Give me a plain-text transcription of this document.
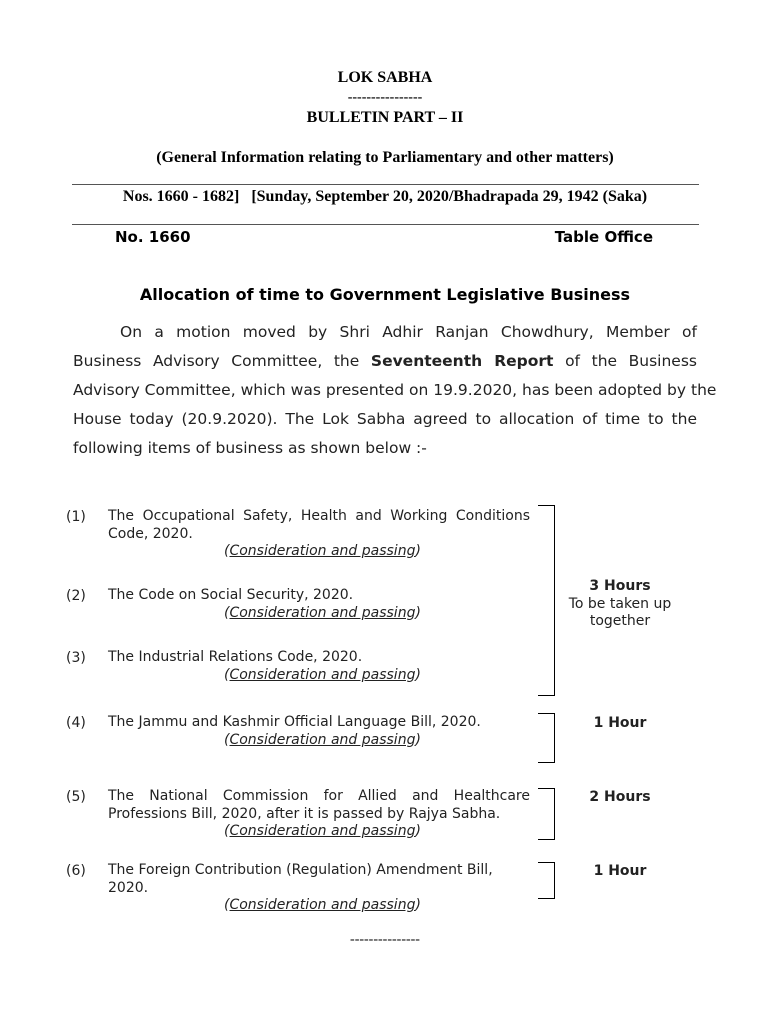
LOK SABHA
----------------
BULLETIN PART – II
(General Information relating to Parliamentary and other matters)
Nos. 1660 - 1682]   [Sunday, September 20, 2020/Bhadrapada 29, 1942 (Saka)
No. 1660	Table Office
Allocation of time to Government Legislative Business
On a motion moved by Shri Adhir Ranjan Chowdhury, Member of
Business Advisory Committee, the Seventeenth Report of the Business
Advisory Committee, which was presented on 19.9.2020, has been adopted by the
House today (20.9.2020). The Lok Sabha agreed to allocation of time to the
following items of business as shown below :-
(1) The Occupational Safety, Health and Working Conditions
Code, 2020.
(Consideration and passing)
(2) The Code on Social Security, 2020.
(Consideration and passing)
(3) The Industrial Relations Code, 2020.
(Consideration and passing)
(4) The Jammu and Kashmir Official Language Bill, 2020.
(Consideration and passing)
(5) The National Commission for Allied and Healthcare
Professions Bill, 2020, after it is passed by Rajya Sabha.
(Consideration and passing)
(6) The Foreign Contribution (Regulation) Amendment Bill, 2020.
(Consideration and passing)
3 Hours
To be taken up
together
1 Hour
2 Hours
1 Hour
---------------
